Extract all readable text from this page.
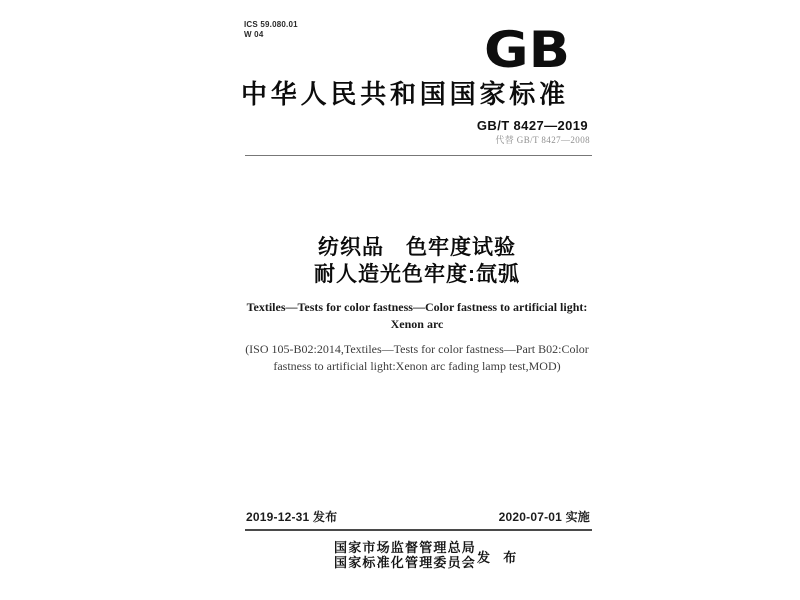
ICS 59.080.01
W 04	GB
中华人民共和国国家标准
GB/T 8427—2019
代替 GB/T 8427—2008
纺织品　色牢度试验
耐人造光色牢度:氙弧
Textiles—Tests for color fastness—Color fastness to artificial light:
Xenon arc
(ISO 105-B02:2014,Textiles—Tests for color fastness—Part B02:Color
fastness to artificial light:Xenon arc fading lamp test,MOD)
2019-12-31 发布	2020-07-01 实施
国家市场监督管理总局
国家标准化管理委员会 发 布
